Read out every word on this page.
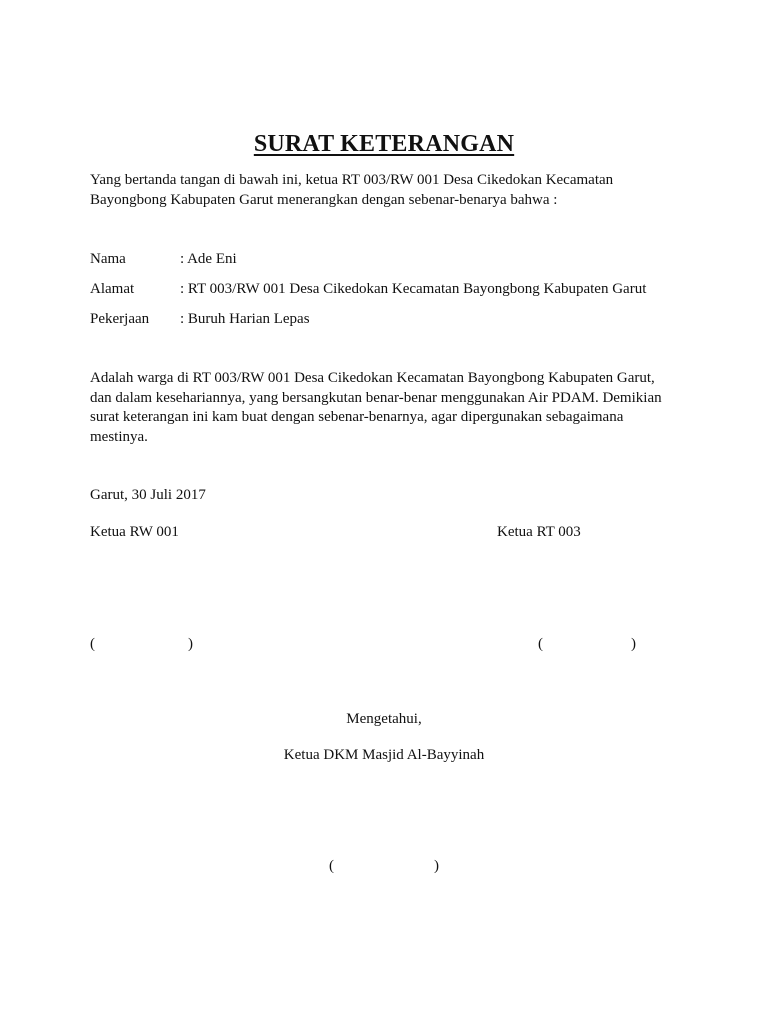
SURAT KETERANGAN
Yang bertanda tangan di bawah ini, ketua RT 003/RW 001 Desa Cikedokan Kecamatan Bayongbong Kabupaten Garut menerangkan dengan sebenar-benarya bahwa :
Nama	: Ade Eni
Alamat	: RT 003/RW 001 Desa Cikedokan Kecamatan Bayongbong Kabupaten Garut
Pekerjaan : Buruh Harian Lepas
Adalah warga di RT 003/RW 001 Desa Cikedokan Kecamatan Bayongbong Kabupaten Garut, dan dalam kesehariannya, yang bersangkutan benar-benar menggunakan Air PDAM. Demikian surat keterangan ini kam buat dengan sebenar-benarnya, agar dipergunakan sebagaimana mestinya.
Garut, 30 Juli 2017
Ketua RW 001	Ketua RT 003
(	)	(	)
Mengetahui,
Ketua DKM Masjid Al-Bayyinah
(	)
